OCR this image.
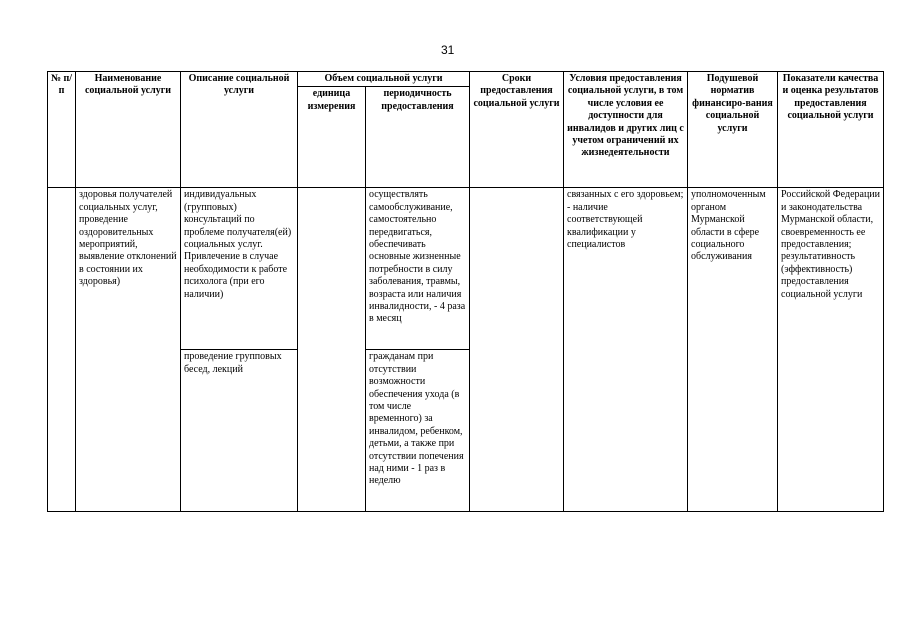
31
№ п/п	Наименование социальной услуги	Описание социальной услуги	Объем социальной услуги		Сроки предоставления социальной услуги	Условия предоставления социальной услуги, в том числе условия ее доступности для инвалидов и других лиц с учетом ограничений их жизнедеятельности	Подушевой норматив финансиро-вания социальной услуги	Показатели качества и оценка результатов предоставления социальной услуги
			единица измерения	периодичность предоставления				
	здоровья получателей социальных услуг, проведение оздоровительных мероприятий, выявление отклонений в состоянии их здоровья)	индивидуальных (групповых) консультаций по проблеме получателя(ей) социальных услуг. Привлечение в случае необходимости к работе психолога (при его наличии)		осуществлять самообслуживание, самостоятельно передвигаться, обеспечивать основные жизненные потребности в силу заболевания, травмы, возраста или наличия инвалидности, - 4 раза в месяц		связанных с его здоровьем; - наличие соответствующей квалификации у специалистов	уполномоченным органом Мурманской области в сфере социального обслуживания	Российской Федерации и законодательства Мурманской области, своевременность ее предоставления; результативность (эффективность) предоставления социальной услуги
		проведение групповых бесед, лекций		гражданам при отсутствии возможности обеспечения ухода (в том числе временного) за инвалидом, ребенком, детьми, а также при отсутствии попечения над ними - 1 раз в неделю				
